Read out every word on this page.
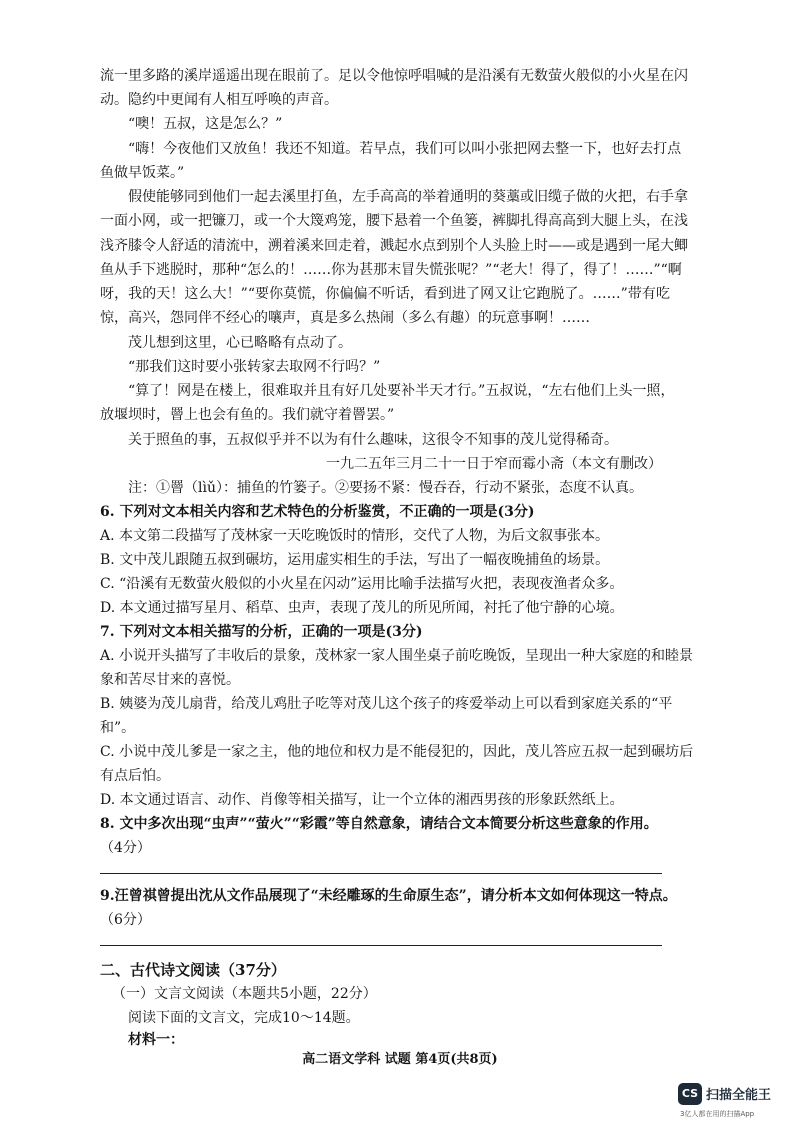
流一里多路的溪岸遥遥出现在眼前了。足以令他惊呼唱喊的是沿溪有无数萤火般似的小火星在闪
动。隐约中更闻有人相互呼唤的声音。
“噢！五叔，这是怎么？”
“嗨！今夜他们又放鱼！我还不知道。若早点，我们可以叫小张把网去整一下，也好去打点
鱼做早饭菜。”
假使能够同到他们一起去溪里打鱼，左手高高的举着通明的葵藁或旧缆子做的火把，右手拿
一面小网，或一把镰刀，或一个大篾鸡笼，腰下悬着一个鱼篓，裤脚扎得高高到大腿上头，在浅
浅齐膝令人舒适的清流中，溯着溪来回走着，溅起水点到别个人头脸上时——或是遇到一尾大鲫
鱼从手下逃脱时，那种“怎么的！……你为甚那末冒失慌张呢？”“老大！得了，得了！……”“啊
呀，我的天！这么大！”“要你莫慌，你偏偏不听话，看到进了网又让它跑脱了。……”带有吃
惊，高兴，怨同伴不经心的嚷声，真是多么热闹（多么有趣）的玩意事啊！……
茂儿想到这里，心已略略有点动了。
“那我们这时要小张转家去取网不行吗？”
“算了！网是在楼上，很难取并且有好几处要补半天才行。”五叔说，“左右他们上头一照，
放堰坝时，罾上也会有鱼的。我们就守着罾罢。”
关于照鱼的事，五叔似乎并不以为有什么趣味，这很令不知事的茂儿觉得稀奇。
一九二五年三月二十一日于窄而霉小斋（本文有删改）
注：①罾（lìǔ）：捕鱼的竹篓子。②要扬不紧：慢吞吞，行动不紧张，态度不认真。
6. 下列对文本相关内容和艺术特色的分析鉴赏，不正确的一项是(3分)
A. 本文第二段描写了茂林家一天吃晚饭时的情形，交代了人物，为后文叙事张本。
B. 文中茂儿跟随五叔到碾坊，运用虚实相生的手法，写出了一幅夜晚捕鱼的场景。
C. “沿溪有无数萤火般似的小火星在闪动”运用比喻手法描写火把，表现夜渔者众多。
D. 本文通过描写星月、稻草、虫声，表现了茂儿的所见所闻，衬托了他宁静的心境。
7. 下列对文本相关描写的分析，正确的一项是(3分)
A. 小说开头描写了丰收后的景象，茂林家一家人围坐桌子前吃晚饭，呈现出一种大家庭的和睦景
象和苦尽甘来的喜悦。
B. 姨婆为茂儿扇背，给茂儿鸡肚子吃等对茂儿这个孩子的疼爱举动上可以看到家庭关系的“平
和”。
C. 小说中茂儿爹是一家之主，他的地位和权力是不能侵犯的，因此，茂儿答应五叔一起到碾坊后
有点后怕。
D. 本文通过语言、动作、肖像等相关描写，让一个立体的湘西男孩的形象跃然纸上。
8. 文中多次出现“虫声”“萤火”“彩霞”等自然意象，请结合文本简要分析这些意象的作用。
（4分）
9.汪曾祺曾提出沈从文作品展现了“未经雕琢的生命原生态”，请分析本文如何体现这一特点。
（6分）
二、古代诗文阅读（37分）
（一）文言文阅读（本题共5小题，22分）
阅读下面的文言文，完成10～14题。
材料一：
高二语文学科 试题 第4页(共8页)
CS 扫描全能王
3亿人都在用的扫描App
